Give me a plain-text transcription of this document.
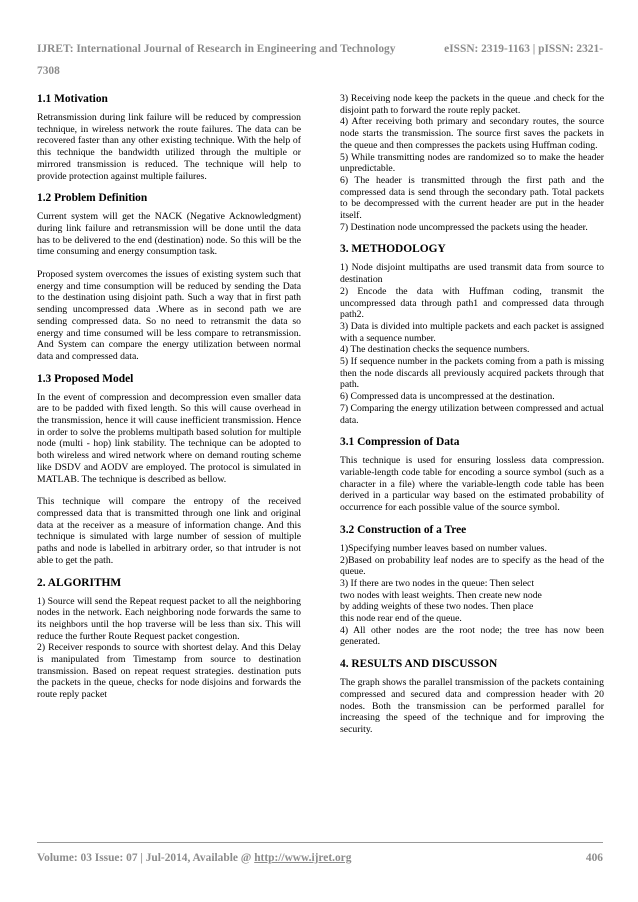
IJRET: International Journal of Research in Engineering and Technology	eISSN: 2319-1163 | pISSN: 2321-
7308
1.1 Motivation

Retransmission during link failure will be reduced by compression technique, in wireless network the route failures. The data can be recovered faster than any other existing technique. With the help of this technique the bandwidth utilized through the multiple or mirrored transmission is reduced. The technique will help to provide protection against multiple failures.

1.2 Problem Definition

Current system will get the NACK (Negative Acknowledgment) during link failure and retransmission will be done until the data has to be delivered to the end (destination) node. So this will be the time consuming and energy consumption task.

Proposed system overcomes the issues of existing system such that energy and time consumption will be reduced by sending the Data to the destination using disjoint path. Such a way that in first path sending uncompressed data .Where as in second path we are sending compressed data. So no need to retransmit the data so energy and time consumed will be less compare to retransmission. And System can compare the energy utilization between normal data and compressed data.

1.3 Proposed Model

In the event of compression and decompression even smaller data are to be padded with fixed length. So this will cause overhead in the transmission, hence it will cause inefficient transmission. Hence in order to solve the problems multipath based solution for multiple node (multi - hop) link stability. The technique can be adopted to both wireless and wired network where on demand routing scheme like DSDV and AODV are employed. The protocol is simulated in MATLAB. The technique is described as bellow.

This technique will compare the entropy of the received compressed data that is transmitted through one link and original data at the receiver as a measure of information change. And this technique is simulated with large number of session of multiple paths and node is labelled in arbitrary order, so that intruder is not able to get the path.

2. ALGORITHM

1) Source will send the Repeat request packet to all the neighboring nodes in the network. Each neighboring node forwards the same to its neighbors until the hop traverse will be less than six. This will reduce the further Route Request packet congestion.

2) Receiver responds to source with shortest delay. And this Delay is manipulated from Timestamp from source to destination transmission. Based on repeat request strategies. destination puts the packets in the queue, checks for node disjoins and forwards the route reply packet

3) Receiving node keep the packets in the queue .and check for the disjoint path to forward the route reply packet.

4) After receiving both primary and secondary routes, the source node starts the transmission. The source first saves the packets in the queue and then compresses the packets using Huffman coding.

5) While transmitting nodes are randomized so to make the header unpredictable.

6) The header is transmitted through the first path and the compressed data is send through the secondary path. Total packets to be decompressed with the current header are put in the header itself.

7) Destination node uncompressed the packets using the header.

3. METHODOLOGY

1) Node disjoint multipaths are used transmit data from source to destination

2) Encode the data with Huffman coding, transmit the uncompressed data through path1 and compressed data through path2.

3) Data is divided into multiple packets and each packet is assigned with a sequence number.

4) The destination checks the sequence numbers.

5) If sequence number in the packets coming from a path is missing then the node discards all previously acquired packets through that path.

6) Compressed data is uncompressed at the destination.

7) Comparing the energy utilization between compressed and actual data.

3.1 Compression of Data

This technique is used for ensuring lossless data compression. variable-length code table for encoding a source symbol (such as a character in a file) where the variable-length code table has been derived in a particular way based on the estimated probability of occurrence for each possible value of the source symbol.

3.2 Construction of a Tree

1)Specifying number leaves based on number values.

2)Based on probability leaf nodes are to specify as the head of the queue.

3) If there are two nodes in the queue: Then select

two nodes with least weights. Then create new node

by adding weights of these two nodes. Then place

this node rear end of the queue.

4) All other nodes are the root node; the tree has now been generated.

4. RESULTS AND DISCUSSON

The graph shows the parallel transmission of the packets containing compressed and secured data and compression header with 20 nodes. Both the transmission can be performed parallel for increasing the speed of the technique and for improving the security.

Volume: 03 Issue: 07 | Jul-2014, Available @ http://www.ijret.org	406
